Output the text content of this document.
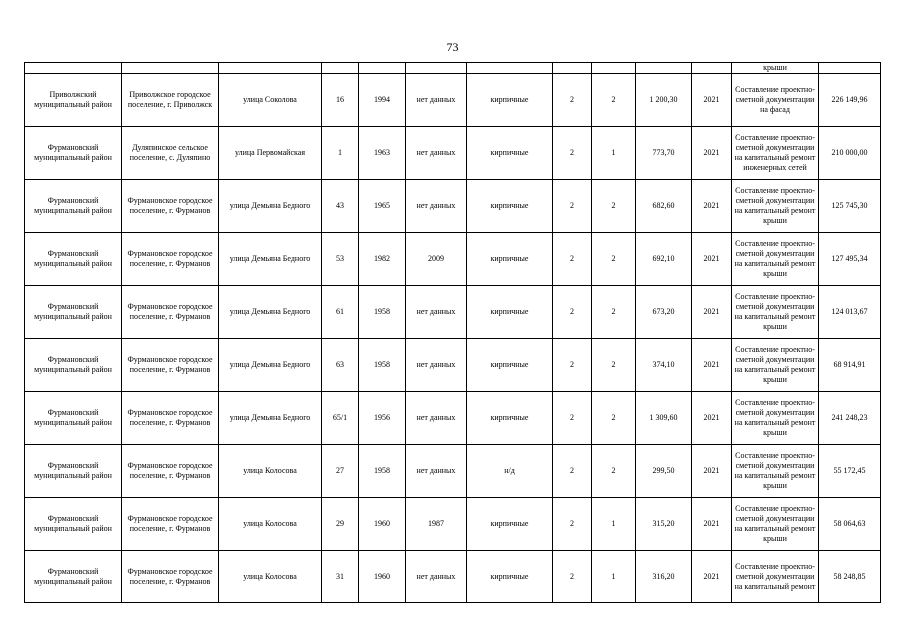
73
											крыши	
Приволжский муниципальный район	Приволжское городское поселение, г. Приволжск	улица Соколова	16	1994	нет данных	кирпичные	2	2	1 200,30	2021	Составление проектно-сметной документации на фасад	226 149,96
Фурмановский муниципальный район	Дуляпинское сельское поселение, с. Дуляпино	улица Первомайская	1	1963	нет данных	кирпичные	2	1	773,70	2021	Составление проектно-сметной документации на капитальный ремонт инженерных сетей	210 000,00
Фурмановский муниципальный район	Фурмановское городское поселение, г. Фурманов	улица Демьяна Бедного	43	1965	нет данных	кирпичные	2	2	682,60	2021	Составление проектно-сметной документации на капитальный ремонт крыши	125 745,30
Фурмановский муниципальный район	Фурмановское городское поселение, г. Фурманов	улица Демьяна Бедного	53	1982	2009	кирпичные	2	2	692,10	2021	Составление проектно-сметной документации на капитальный ремонт крыши	127 495,34
Фурмановский муниципальный район	Фурмановское городское поселение, г. Фурманов	улица Демьяна Бедного	61	1958	нет данных	кирпичные	2	2	673,20	2021	Составление проектно-сметной документации на капитальный ремонт крыши	124 013,67
Фурмановский муниципальный район	Фурмановское городское поселение, г. Фурманов	улица Демьяна Бедного	63	1958	нет данных	кирпичные	2	2	374,10	2021	Составление проектно-сметной документации на капитальный ремонт крыши	68 914,91
Фурмановский муниципальный район	Фурмановское городское поселение, г. Фурманов	улица Демьяна Бедного	65/1	1956	нет данных	кирпичные	2	2	1 309,60	2021	Составление проектно-сметной документации на капитальный ремонт крыши	241 248,23
Фурмановский муниципальный район	Фурмановское городское поселение, г. Фурманов	улица Колосова	27	1958	нет данных	н/д	2	2	299,50	2021	Составление проектно-сметной документации на капитальный ремонт крыши	55 172,45
Фурмановский муниципальный район	Фурмановское городское поселение, г. Фурманов	улица Колосова	29	1960	1987	кирпичные	2	1	315,20	2021	Составление проектно-сметной документации на капитальный ремонт крыши	58 064,63
Фурмановский муниципальный район	Фурмановское городское поселение, г. Фурманов	улица Колосова	31	1960	нет данных	кирпичные	2	1	316,20	2021	Составление проектно-сметной документации на капитальный ремонт	58 248,85
